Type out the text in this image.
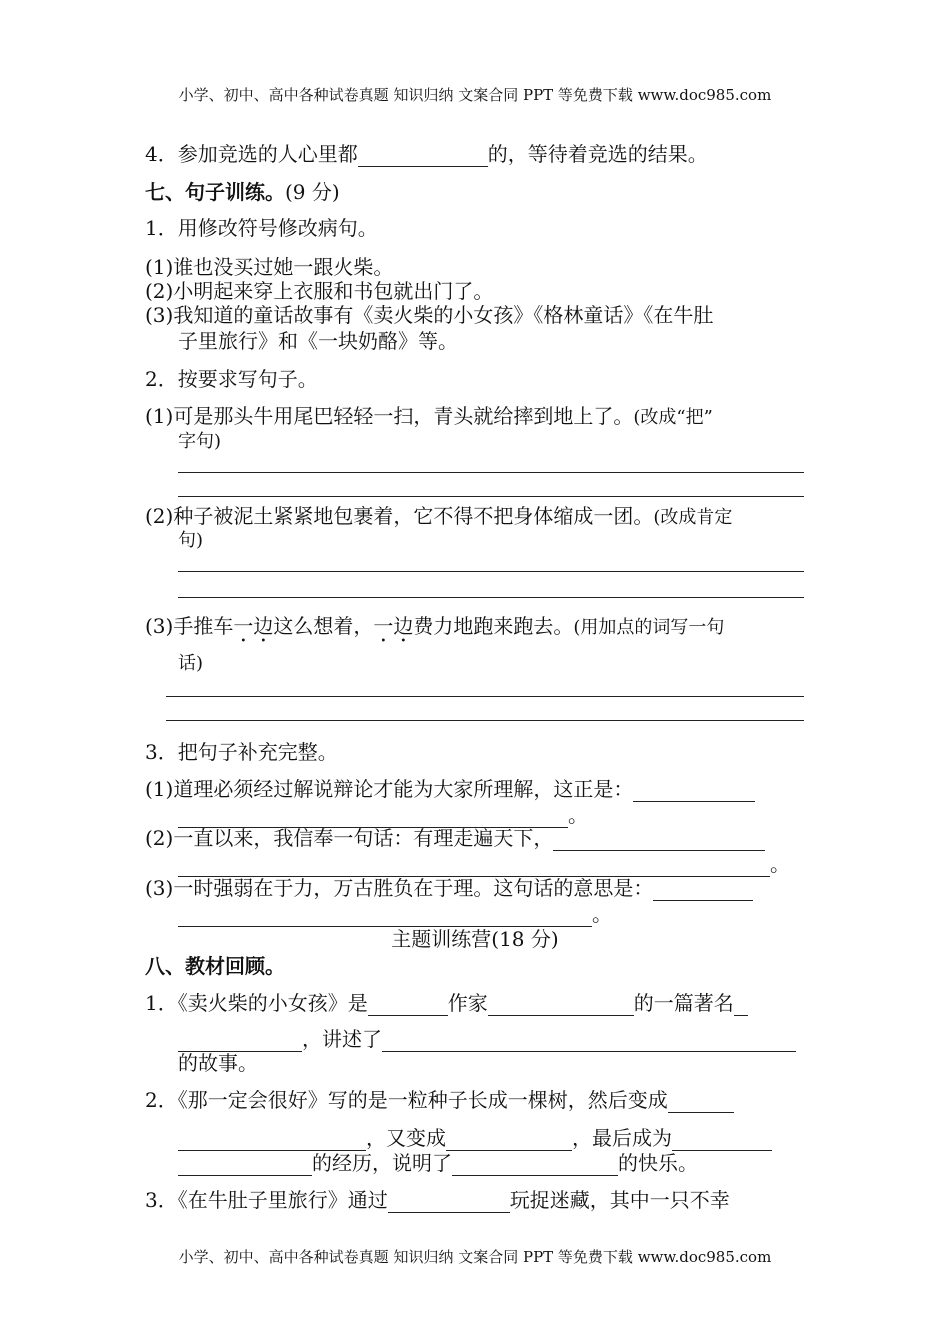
小学、初中、高中各种试卷真题 知识归纳 文案合同 PPT 等免费下载 www.doc985.com
4．参加竞选的人心里都	的，等待着竞选的结果。
七、句子训练。(9 分)
1．用修改符号修改病句。
(1)谁也没买过她一跟火柴。
(2)小明起来穿上衣服和书包就出门了。
(3)我知道的童话故事有《卖火柴的小女孩》《格林童话》《在牛肚
子里旅行》和《一块奶酪》等。
2．按要求写句子。
(1)可是那头牛用尾巴轻轻一扫，青头就给摔到地上了。(改成“把”
字句)
(2)种子被泥土紧紧地包裹着，它不得不把身体缩成一团。(改成肯定
句)
(3)手推车一边这么想着，一边费力地跑来跑去。(用加点的词写一句
话)
3．把句子补充完整。
(1)道理必须经过解说辩论才能为大家所理解，这正是：
。
(2)一直以来，我信奉一句话：有理走遍天下，
。
(3)一时强弱在于力，万古胜负在于理。这句话的意思是：
。
主题训练营(18 分)
八、教材回顾。
1．《卖火柴的小女孩》是	作家	的一篇著名
，讲述了
的故事。
2．《那一定会很好》写的是一粒种子长成一棵树，然后变成
，又变成	，最后成为
的经历，说明了	的快乐。
3．《在牛肚子里旅行》通过	玩捉迷藏，其中一只不幸
小学、初中、高中各种试卷真题 知识归纳 文案合同 PPT 等免费下载 www.doc985.com
